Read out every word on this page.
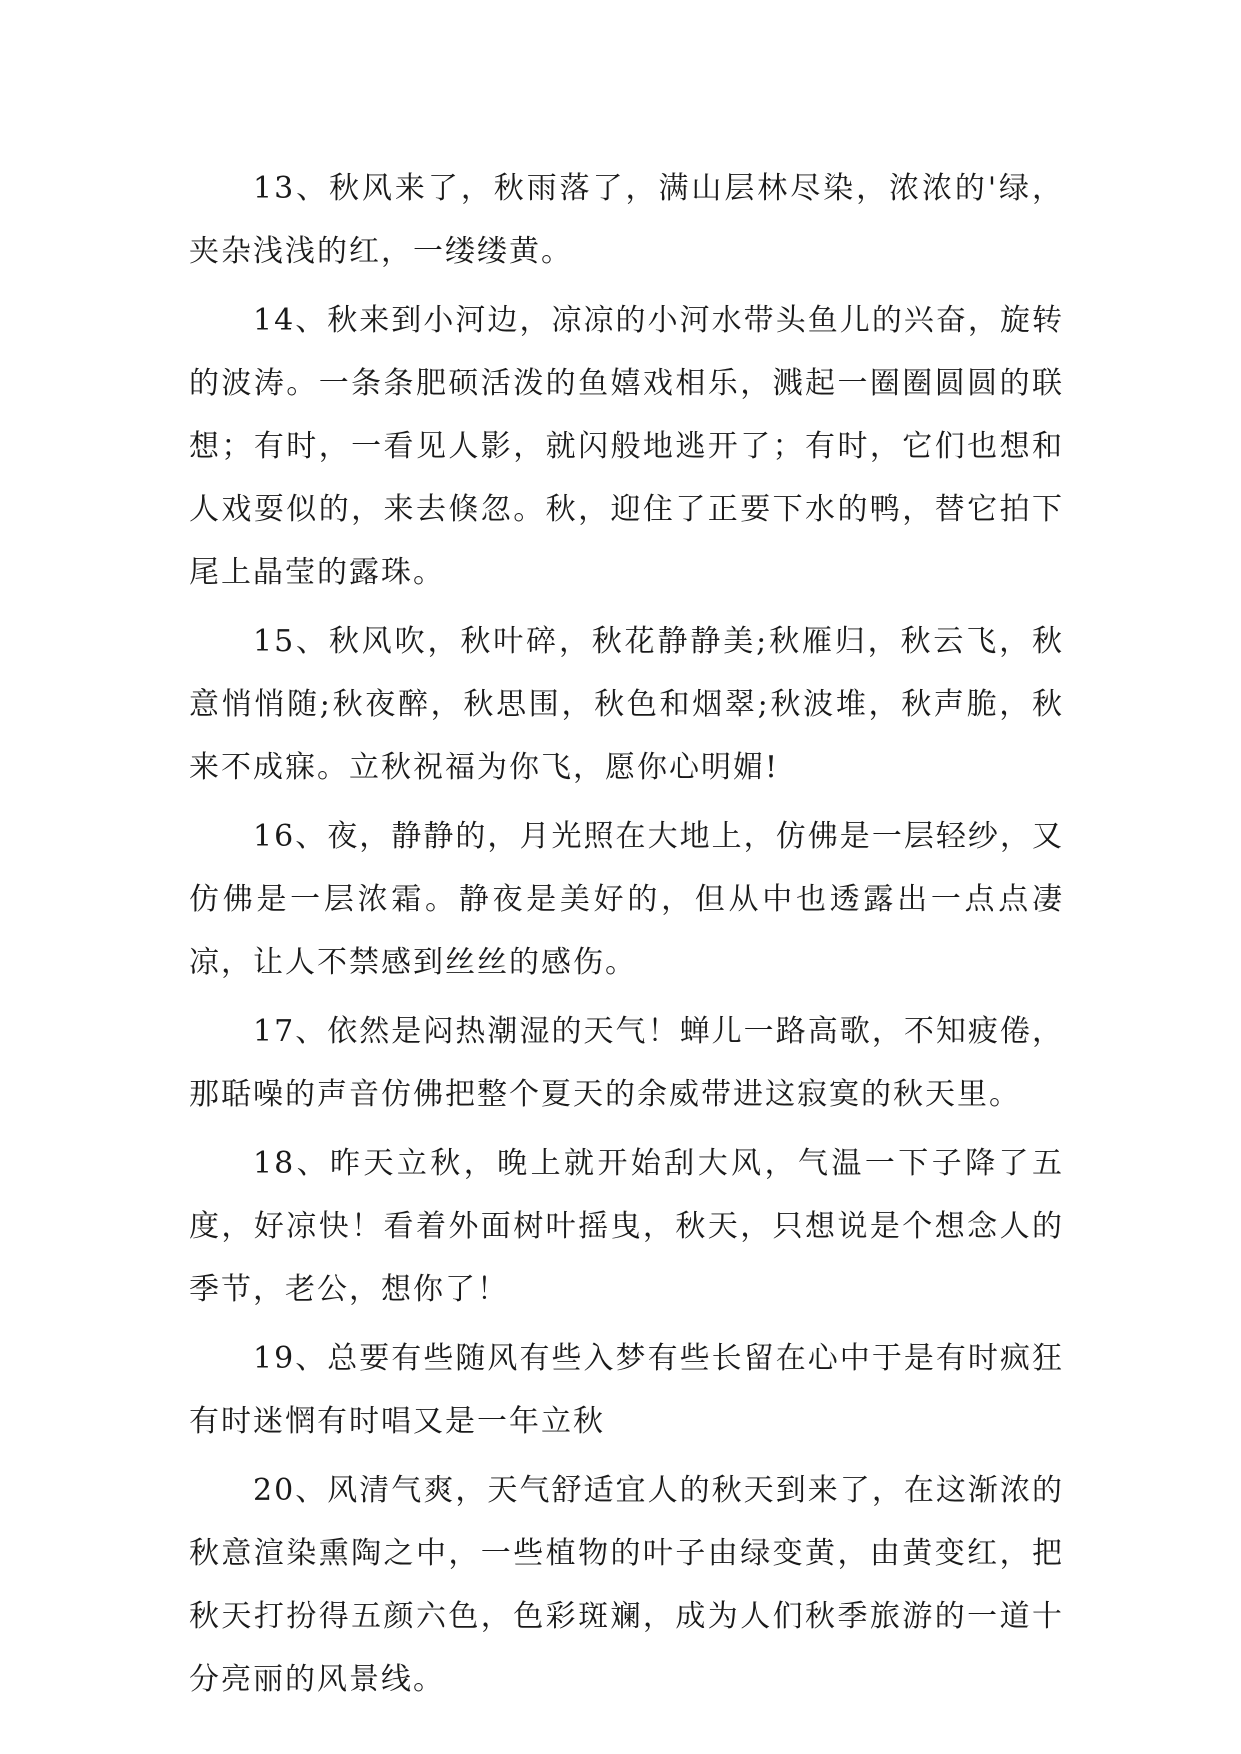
13、秋风来了，秋雨落了，满山层林尽染，浓浓的'绿，夹杂浅浅的红，一缕缕黄。

14、秋来到小河边，凉凉的小河水带头鱼儿的兴奋，旋转的波涛。一条条肥硕活泼的鱼嬉戏相乐，溅起一圈圈圆圆的联想；有时，一看见人影，就闪般地逃开了；有时，它们也想和人戏耍似的，来去倏忽。秋，迎住了正要下水的鸭，替它拍下尾上晶莹的露珠。

15、秋风吹，秋叶碎，秋花静静美;秋雁归，秋云飞，秋意悄悄随;秋夜醉，秋思围，秋色和烟翠;秋波堆，秋声脆，秋来不成寐。立秋祝福为你飞，愿你心明媚!

16、夜，静静的，月光照在大地上，仿佛是一层轻纱，又仿佛是一层浓霜。静夜是美好的，但从中也透露出一点点凄凉，让人不禁感到丝丝的感伤。

17、依然是闷热潮湿的天气！蝉儿一路高歌，不知疲倦，那聒噪的声音仿佛把整个夏天的余威带进这寂寞的秋天里。

18、昨天立秋，晚上就开始刮大风，气温一下子降了五度，好凉快！看着外面树叶摇曳，秋天，只想说是个想念人的季节，老公，想你了！

19、总要有些随风有些入梦有些长留在心中于是有时疯狂有时迷惘有时唱又是一年立秋

20、风清气爽，天气舒适宜人的秋天到来了，在这渐浓的秋意渲染熏陶之中，一些植物的叶子由绿变黄，由黄变红，把秋天打扮得五颜六色，色彩斑斓，成为人们秋季旅游的一道十分亮丽的风景线。
